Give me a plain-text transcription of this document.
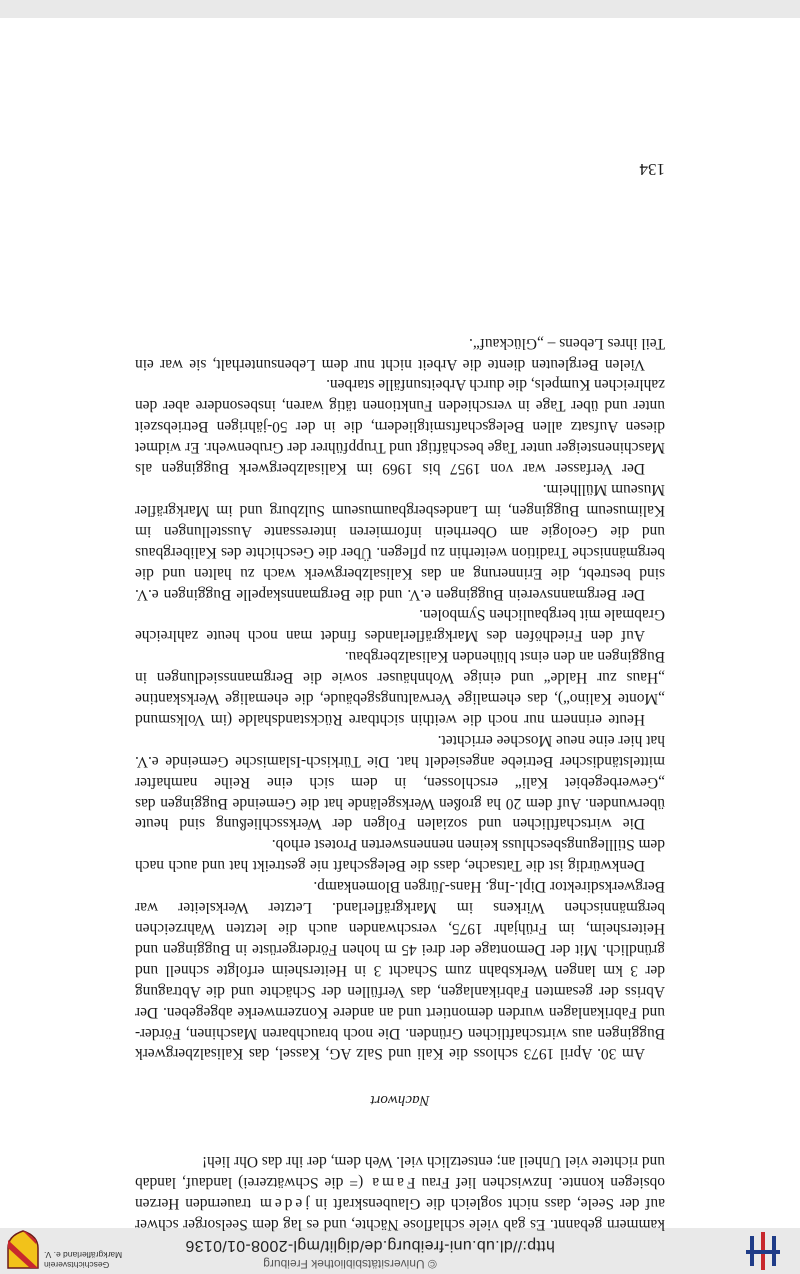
© Universitätsbibliothek Freiburg
http://dl.ub.uni-freiburg.de/diglit/mgl-2008-01/0136
Geschichtsverein
Markgräflerland e. V.

kammern gebannt. Es gab viele schlaflose Nächte, und es lag dem Seelsorger schwer auf der Seele, dass nicht sogleich die Glaubenskraft in jedem trauernden Herzen obsiegen konnte. Inzwischen lief Frau Fama (= die Schwätzerei) landauf, landab und richtete viel Unheil an; entsetzlich viel. Weh dem, der ihr das Ohr lieh!

Nachwort

Am 30. April 1973 schloss die Kali und Salz AG, Kassel, das Kalisalzbergwerk Buggingen aus wirtschaftlichen Gründen. Die noch brauchbaren Maschinen, Förder- und Fabrikanlagen wurden demontiert und an andere Konzernwerke abgegeben. Der Abriss der gesamten Fabrikanlagen, das Verfüllen der Schächte und die Abtragung der 3 km langen Werksbahn zum Schacht 3 in Heitersheim erfolgte schnell und gründlich. Mit der Demontage der drei 45 m hohen Fördergerüste in Buggingen und Heitersheim, im Frühjahr 1975, verschwanden auch die letzten Wahrzeichen bergmännischen Wirkens im Markgräflerland. Letzter Werksleiter war Bergwerksdirektor Dipl.-Ing. Hans-Jürgen Blomenkamp.

Denkwürdig ist die Tatsache, dass die Belegschaft nie gestreikt hat und auch nach dem Stilllegungsbeschluss keinen nennenswerten Protest erhob.

Die wirtschaftlichen und sozialen Folgen der Werksschließung sind heute überwunden. Auf dem 20 ha großen Werksgelände hat die Gemeinde Buggingen das „Gewerbegebiet Kali“ erschlossen, in dem sich eine Reihe namhafter mittelständischer Betriebe angesiedelt hat. Die Türkisch-Islamische Gemeinde e.V. hat hier eine neue Moschee errichtet.

Heute erinnern nur noch die weithin sichtbare Rückstandshalde (im Volksmund „Monte Kalino“), das ehemalige Verwaltungsgebäude, die ehemalige Werkskantine „Haus zur Halde“ und einige Wohnhäuser sowie die Bergmannssiedlungen in Buggingen an den einst blühenden Kalisalzbergbau.

Auf den Friedhöfen des Markgräflerlandes findet man noch heute zahlreiche Grabmale mit bergbaulichen Symbolen.

Der Bergmannsverein Buggingen e.V. und die Bergmannskapelle Buggingen e.V. sind bestrebt, die Erinnerung an das Kalisalzbergwerk wach zu halten und die bergmännische Tradition weiterhin zu pflegen. Über die Geschichte des Kalibergbaus und die Geologie am Oberrhein informieren interessante Ausstellungen im Kalimuseum Buggingen, im Landesbergbaumuseum Sulzburg und im Markgräfler Museum Müllheim.

Der Verfasser war von 1957 bis 1969 im Kalisalzbergwerk Buggingen als Maschinensteiger unter Tage beschäftigt und Truppführer der Grubenwehr. Er widmet diesen Aufsatz allen Belegschaftsmitgliedern, die in der 50-jährigen Betriebszeit unter und über Tage in verschieden Funktionen tätig waren, insbesondere aber den zahlreichen Kumpels, die durch Arbeitsunfälle starben.

Vielen Bergleuten diente die Arbeit nicht nur dem Lebensunterhalt, sie war ein Teil ihres Lebens – „Glückauf“.

134
